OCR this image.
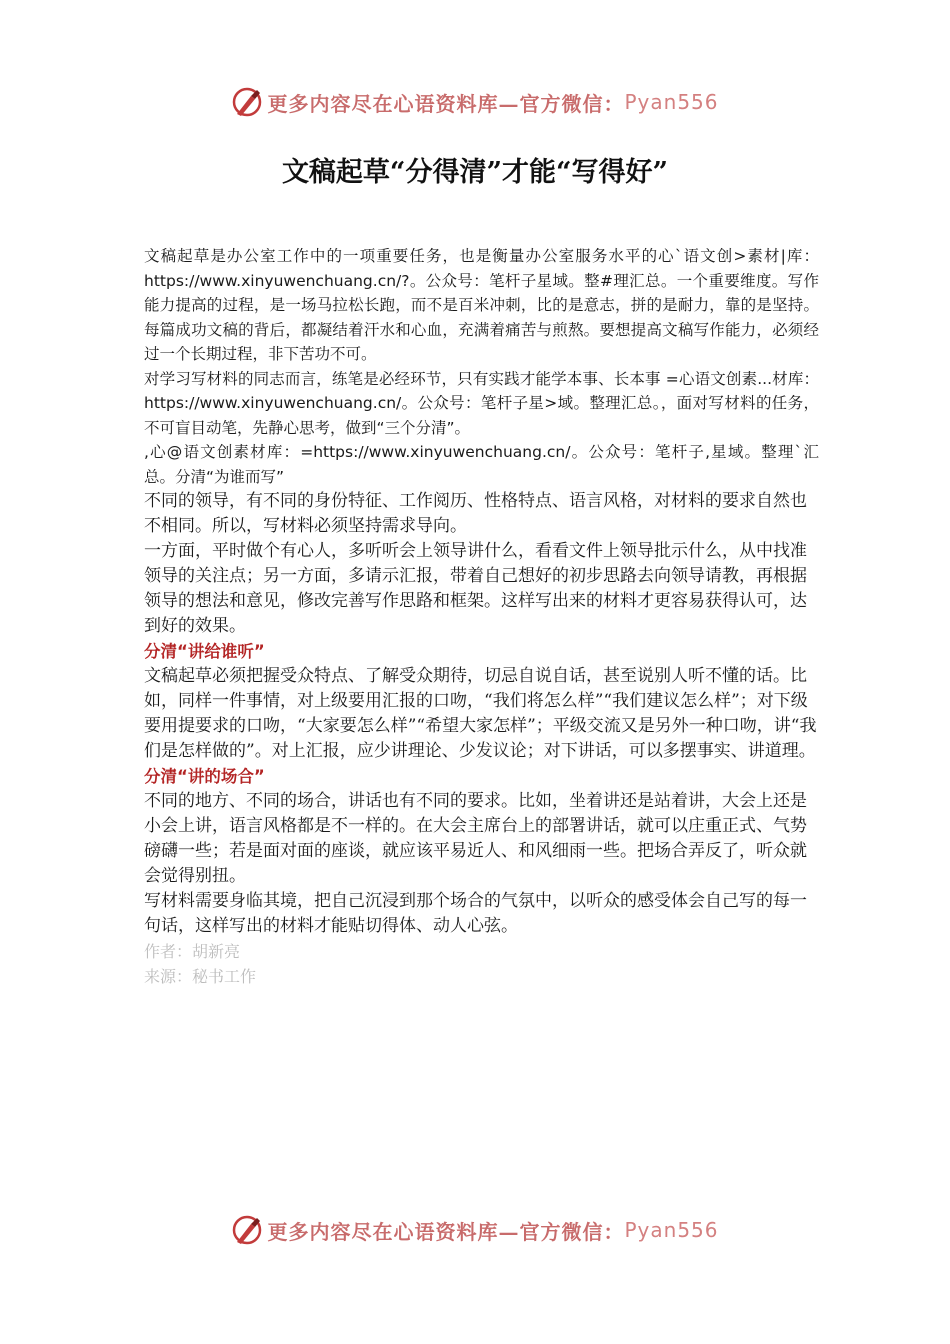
更多内容尽在心语资料库—官方微信： Pyan556
文稿起草“分得清”才能“写得好”

文稿起草是办公室工作中的一项重要任务，也是衡量办公室服务水平的心`语文创>素材|库：https://www.xinyuwenchuang.cn/?。公众号：笔杆子星域。整#理汇总。一个重要维度。写作能力提高的过程，是一场马拉松长跑，而不是百米冲刺，比的是意志，拼的是耐力，靠的是坚持。每篇成功文稿的背后，都凝结着汗水和心血，充满着痛苦与煎熬。要想提高文稿写作能力，必须经过一个长期过程，非下苦功不可。

对学习写材料的同志而言，练笔是必经环节，只有实践才能学本事、长本事 =心语文创素...材库：https://www.xinyuwenchuang.cn/。公众号：笔杆子星>域。整理汇总。，面对写材料的任务，不可盲目动笔，先静心思考，做到“三个分清”。

,心@语文创素材库：=https://www.xinyuwenchuang.cn/。公众号：笔杆子,星域。整理`汇总。分清“为谁而写”

不同的领导，有不同的身份特征、工作阅历、性格特点、语言风格，对材料的要求自然也不相同。所以，写材料必须坚持需求导向。

一方面，平时做个有心人，多听听会上领导讲什么，看看文件上领导批示什么，从中找准领导的关注点；另一方面，多请示汇报，带着自己想好的初步思路去向领导请教，再根据领导的想法和意见，修改完善写作思路和框架。这样写出来的材料才更容易获得认可，达到好的效果。

分清“讲给谁听”

文稿起草必须把握受众特点、了解受众期待，切忌自说自话，甚至说别人听不懂的话。比如，同样一件事情，对上级要用汇报的口吻，“我们将怎么样”“我们建议怎么样”；对下级要用提要求的口吻，“大家要怎么样”“希望大家怎样”；平级交流又是另外一种口吻，讲“我们是怎样做的”。对上汇报，应少讲理论、少发议论；对下讲话，可以多摆事实、讲道理。

分清“讲的场合”

不同的地方、不同的场合，讲话也有不同的要求。比如，坐着讲还是站着讲，大会上还是小会上讲，语言风格都是不一样的。在大会主席台上的部署讲话，就可以庄重正式、气势磅礴一些；若是面对面的座谈，就应该平易近人、和风细雨一些。把场合弄反了，听众就会觉得别扭。

写材料需要身临其境，把自己沉浸到那个场合的气氛中，以听众的感受体会自己写的每一句话，这样写出的材料才能贴切得体、动人心弦。

作者：胡新亮

来源：秘书工作

更多内容尽在心语资料库—官方微信： Pyan556
